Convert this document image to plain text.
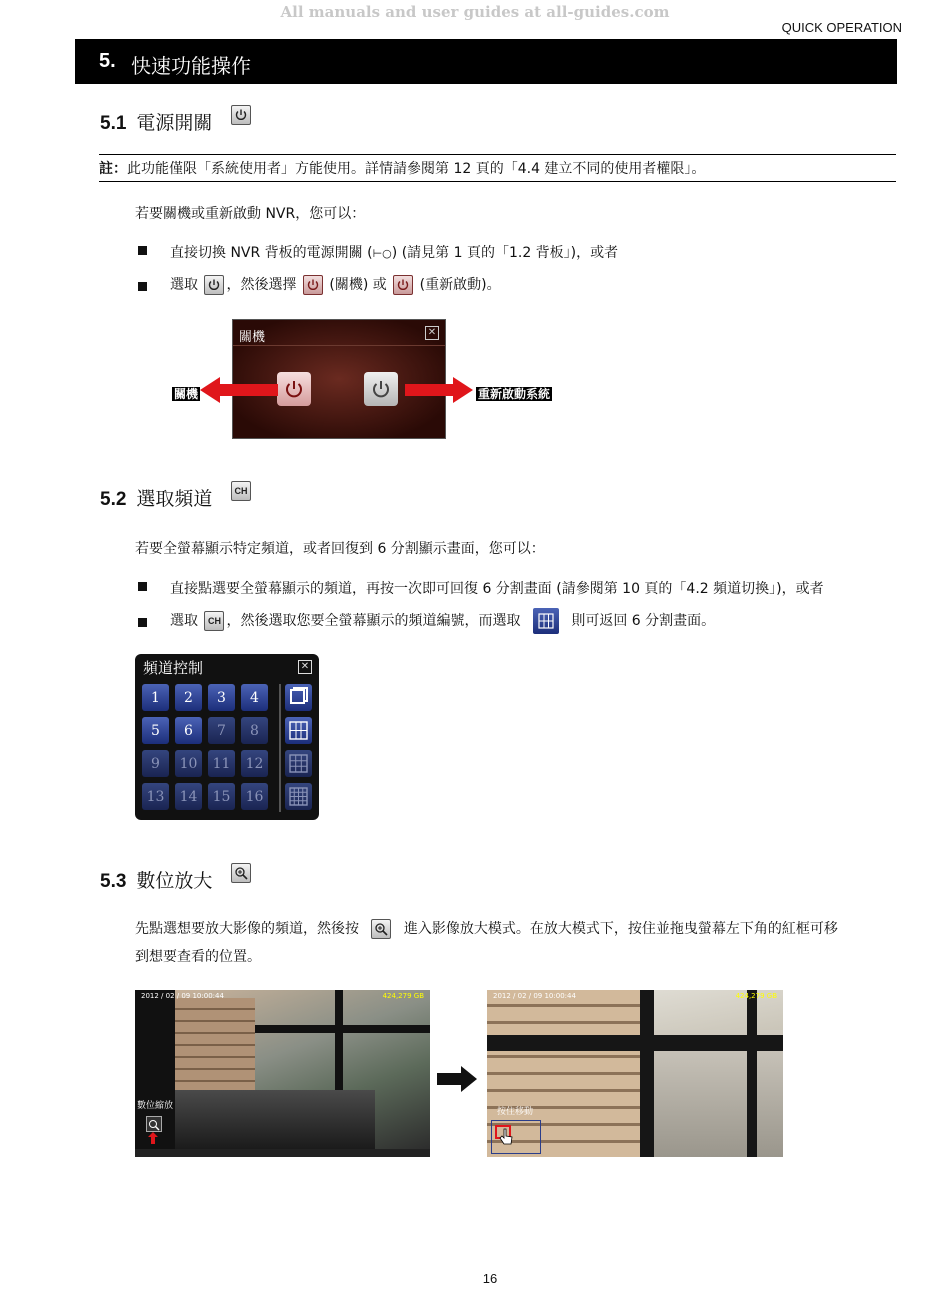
All manuals and user guides at all-guides.com
QUICK OPERATION
5. 快速功能操作
5.1 電源開關
註：此功能僅限「系統使用者」方能使用。詳情請參閱第 12 頁的「4.4 建立不同的使用者權限」。
若要關機或重新啟動 NVR，您可以：
直接切換 NVR 背板的電源開關 (⊢○) (請見第 1 頁的「1.2 背板」)，或者
選取 ，然後選擇 (關機) 或 (重新啟動)。
關機	✕
關機	重新啟動系統
5.2 選取頻道 CH
若要全螢幕顯示特定頻道，或者回復到 6 分割顯示畫面，您可以：
直接點選要全螢幕顯示的頻道，再按一次即可回復 6 分割畫面 (請參閱第 10 頁的「4.2 頻道切換」)，或者
選取 CH ，然後選取您要全螢幕顯示的頻道編號，而選取	則可返回 6 分割畫面。
頻道控制	✕
1	2	3	4
5	6	7	8
9	10	11	12
13	14	15	16
5.3 數位放大
先點選想要放大影像的頻道，然後按	進入影像放大模式。在放大模式下，按住並拖曳螢幕左下角的紅框可移
到想要查看的位置。
2012 / 02 / 09 10:00:44	424,279 GB
數位縮放
2012 / 02 / 09 10:00:44	424,279 GB
按住移動
16
